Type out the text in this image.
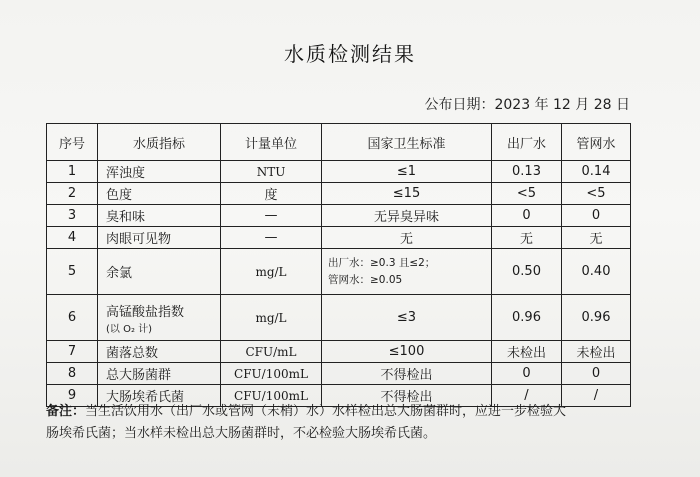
水质检测结果
公布日期：2023 年 12 月 28 日
序号	水质指标	计量单位	国家卫生标准	出厂水	管网水
1	浑浊度	NTU	≤1	0.13	0.14
2	色度	度	≤15	<5	<5
3	臭和味	—	无异臭异味	0	0
4	肉眼可见物	—	无	无	无
5	余氯	mg/L	出厂水：≥0.3 且≤2；
管网水：≥0.05	0.50	0.40
6	高锰酸盐指数
(以 O₂ 计)	mg/L	≤3	0.96	0.96
7	菌落总数	CFU/mL	≤100	未检出	未检出
8	总大肠菌群	CFU/100mL	不得检出	0	0
9	大肠埃希氏菌	CFU/100mL	不得检出	/	/
备注：当生活饮用水（出厂水或管网（末梢）水）水样检出总大肠菌群时，应进一步检验大
肠埃希氏菌；当水样未检出总大肠菌群时，不必检验大肠埃希氏菌。
